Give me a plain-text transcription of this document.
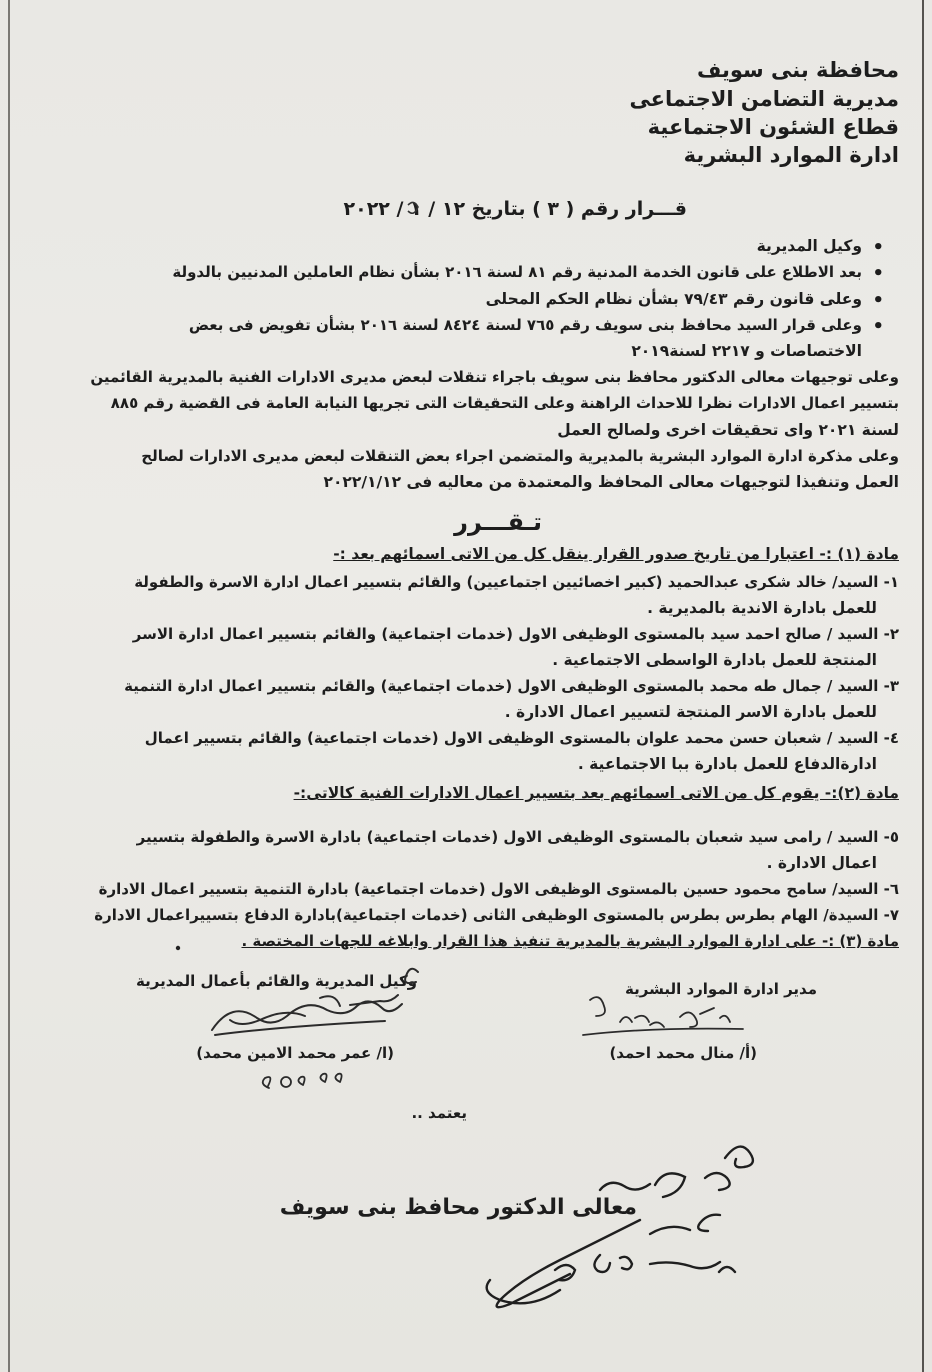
محافظة بنى سويف
مديرية التضامن الاجتماعى
قطاع الشئون الاجتماعية
ادارة الموارد البشرية
قـــرار رقم ( ٣ ) بتاريخ ١٢ / ١ / ٢٠٢٢
وكيل المديرية •
بعد الاطلاع على قانون الخدمة المدنية رقم ٨١ لسنة ٢٠١٦ بشأن نظام العاملين المدنيين بالدولة •
وعلى قانون رقم ٧٩/٤٣ بشأن نظام الحكم المحلى •
وعلى قرار السيد محافظ بنى سويف رقم ٧٦٥ لسنة ٨٤٢٤ لسنة ٢٠١٦ بشأن تفويض فى بعض •
الاختصاصات و ٢٢١٧ لسنة٢٠١٩
وعلى توجيهات معالى الدكتور محافظ بنى سويف باجراء تنقلات لبعض مديرى الادارات الفنية بالمديرية القائمين
بتسيير اعمال الادارات نظرا للاحداث الراهنة وعلى التحقيقات التى تجريها النيابة العامة فى القضية رقم ٨٨٥
لسنة ٢٠٢١ واى تحقيقات اخرى ولصالح العمل
وعلى مذكرة ادارة الموارد البشرية بالمديرية والمتضمن اجراء بعض التنقلات لبعض مديرى الادارات لصالح
العمل وتنفيذا لتوجيهات معالى المحافظ والمعتمدة من معاليه فى ٢٠٢٢/١/١٢
تـقـــرر
مادة (١) :- اعتبارا من تاريخ صدور القرار ينقل كل من الاتى اسمائهم بعد :-
١- السيد/ خالد شكرى عبدالحميد (كبير اخصائيين اجتماعيين) والقائم بتسيير اعمال ادارة الاسرة والطفولة
للعمل بادارة الاندية بالمديرية .
٢- السيد / صالح احمد سيد بالمستوى الوظيفى الاول (خدمات اجتماعية) والقائم بتسيير اعمال ادارة الاسر
المنتجة للعمل بادارة الواسطى الاجتماعية .
٣- السيد / جمال طه محمد بالمستوى الوظيفى الاول (خدمات اجتماعية) والقائم بتسيير اعمال ادارة التنمية
للعمل بادارة الاسر المنتجة لتسيير اعمال الادارة .
٤- السيد / شعبان حسن محمد علوان بالمستوى الوظيفى الاول (خدمات اجتماعية) والقائم بتسيير اعمال
ادارةالدفاع للعمل بادارة ببا الاجتماعية .
مادة (٢):- يقوم كل من الاتى اسمائهم بعد بتسيير اعمال الادارات الفنية كالاتى:-
٥- السيد / رامى سيد شعبان بالمستوى الوظيفى الاول (خدمات اجتماعية) بادارة الاسرة والطفولة بتسيير
اعمال الادارة .
٦- السيد/ سامح محمود حسين بالمستوى الوظيفى الاول (خدمات اجتماعية) بادارة التنمية بتسيير اعمال الادارة
٧- السيدة/ الهام بطرس بطرس بالمستوى الوظيفى الثانى (خدمات اجتماعية)بادارة الدفاع بتسييراعمال الادارة
مادة (٣) :- على ادارة الموارد البشرية بالمديرية تنفيذ هذا القرار وابلاغه للجهات المختصة .
مدير ادارة الموارد البشرية
وكيل المديرية والقائم بأعمال المديرية
(أ/ منال محمد احمد)
(ا/ عمر محمد الامين محمد)
يعتمد ..
معالى الدكتور محافظ بنى سويف
